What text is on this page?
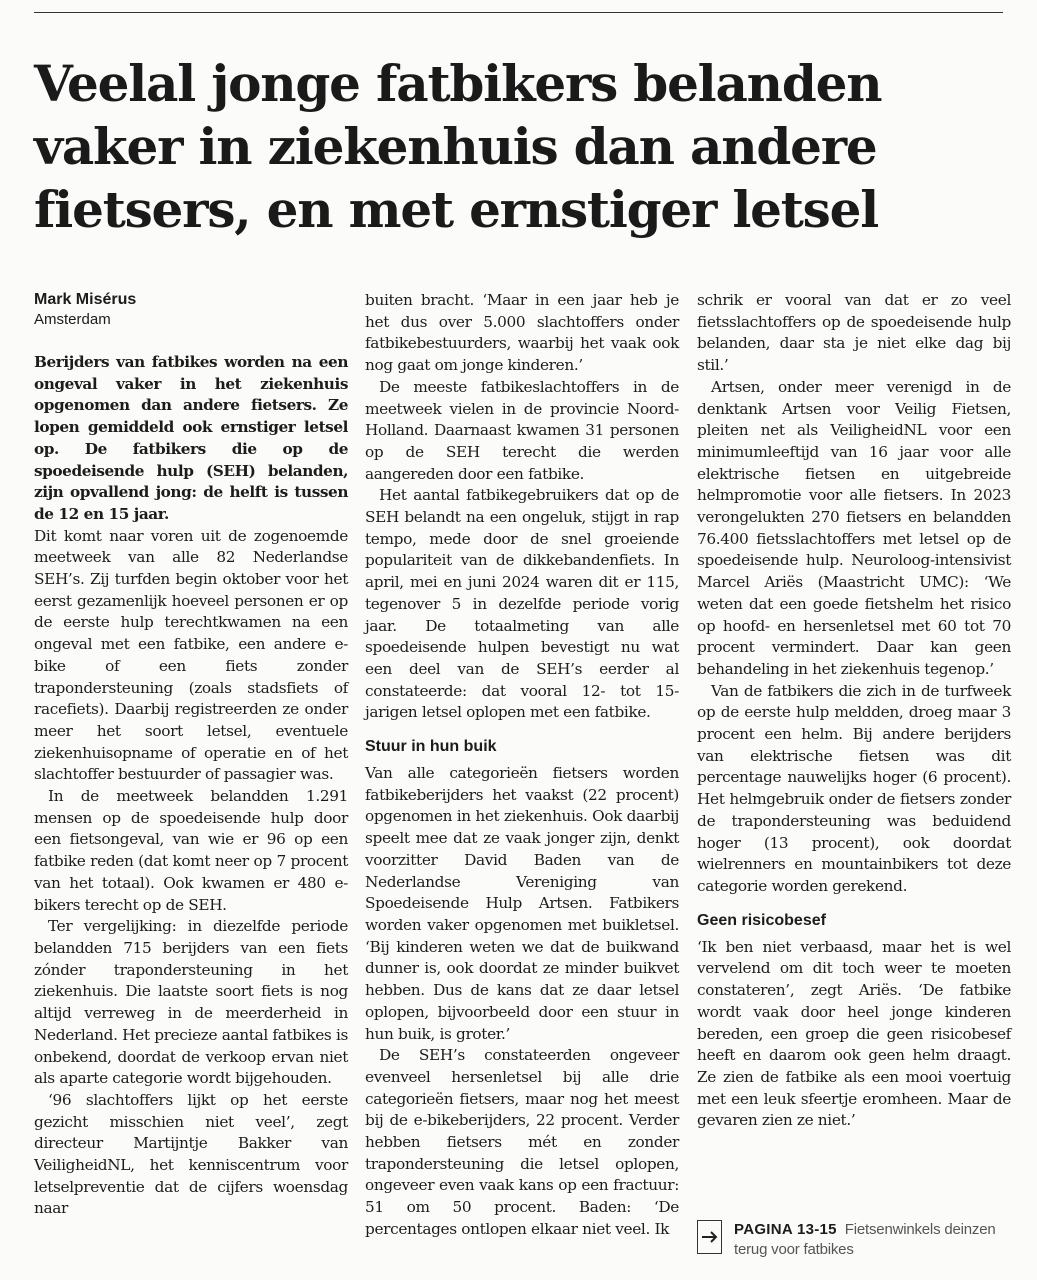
Veelal jonge fatbikers belanden vaker in ziekenhuis dan andere fietsers, en met ernstiger letsel
Mark Misérus
Amsterdam

Berijders van fatbikes worden na een ongeval vaker in het ziekenhuis opgenomen dan andere fietsers. Ze lopen gemiddeld ook ernstiger letsel op. De fatbikers die op de spoedeisende hulp (SEH) belanden, zijn opvallend jong: de helft is tussen de 12 en 15 jaar.

Dit komt naar voren uit de zogenoemde meetweek van alle 82 Nederlandse SEH’s. Zij turfden begin oktober voor het eerst gezamenlijk hoeveel personen er op de eerste hulp terechtkwamen na een ongeval met een fatbike, een andere e-bike of een fiets zonder trapondersteuning (zoals stadsfiets of racefiets). Daarbij registreerden ze onder meer het soort letsel, eventuele ziekenhuisopname of operatie en of het slachtoffer bestuurder of passagier was.

In de meetweek belandden 1.291 mensen op de spoedeisende hulp door een fietsongeval, van wie er 96 op een fatbike reden (dat komt neer op 7 procent van het totaal). Ook kwamen er 480 e-bikers terecht op de SEH.

Ter vergelijking: in diezelfde periode belandden 715 berijders van een fiets zónder trapondersteuning in het ziekenhuis. Die laatste soort fiets is nog altijd verreweg in de meerderheid in Nederland. Het precieze aantal fatbikes is onbekend, doordat de verkoop ervan niet als aparte categorie wordt bijgehouden.

‘96 slachtoffers lijkt op het eerste gezicht misschien niet veel’, zegt directeur Martijntje Bakker van VeiligheidNL, het kenniscentrum voor letselpreventie dat de cijfers woensdag naar

buiten bracht. ‘Maar in een jaar heb je het dus over 5.000 slachtoffers onder fatbikebestuurders, waarbij het vaak ook nog gaat om jonge kinderen.’

De meeste fatbikeslachtoffers in de meetweek vielen in de provincie Noord-Holland. Daarnaast kwamen 31 personen op de SEH terecht die werden aangereden door een fatbike.

Het aantal fatbikegebruikers dat op de SEH belandt na een ongeluk, stijgt in rap tempo, mede door de snel groeiende populariteit van de dikkebandenfiets. In april, mei en juni 2024 waren dit er 115, tegenover 5 in dezelfde periode vorig jaar. De totaalmeting van alle spoedeisende hulpen bevestigt nu wat een deel van de SEH’s eerder al constateerde: dat vooral 12- tot 15-jarigen letsel oplopen met een fatbike.

Stuur in hun buik

Van alle categorieën fietsers worden fatbikeberijders het vaakst (22 procent) opgenomen in het ziekenhuis. Ook daarbij speelt mee dat ze vaak jonger zijn, denkt voorzitter David Baden van de Nederlandse Vereniging van Spoedeisende Hulp Artsen. Fatbikers worden vaker opgenomen met buikletsel. ‘Bij kinderen weten we dat de buikwand dunner is, ook doordat ze minder buikvet hebben. Dus de kans dat ze daar letsel oplopen, bijvoorbeeld door een stuur in hun buik, is groter.’

De SEH’s constateerden ongeveer evenveel hersenletsel bij alle drie categorieën fietsers, maar nog het meest bij de e-bikeberijders, 22 procent. Verder hebben fietsers mét en zonder trapondersteuning die letsel oplopen, ongeveer even vaak kans op een fractuur: 51 om 50 procent. Baden: ‘De percentages ontlopen elkaar niet veel. Ik

schrik er vooral van dat er zo veel fietsslachtoffers op de spoedeisende hulp belanden, daar sta je niet elke dag bij stil.’

Artsen, onder meer verenigd in de denktank Artsen voor Veilig Fietsen, pleiten net als VeiligheidNL voor een minimumleeftijd van 16 jaar voor alle elektrische fietsen en uitgebreide helmpromotie voor alle fietsers. In 2023 verongelukten 270 fietsers en belandden 76.400 fietsslachtoffers met letsel op de spoedeisende hulp. Neuroloog-intensivist Marcel Ariës (Maastricht UMC): ‘We weten dat een goede fietshelm het risico op hoofd- en hersenletsel met 60 tot 70 procent vermindert. Daar kan geen behandeling in het ziekenhuis tegenop.’

Van de fatbikers die zich in de turfweek op de eerste hulp meldden, droeg maar 3 procent een helm. Bij andere berijders van elektrische fietsen was dit percentage nauwelijks hoger (6 procent). Het helmgebruik onder de fietsers zonder de trapondersteuning was beduidend hoger (13 procent), ook doordat wielrenners en mountainbikers tot deze categorie worden gerekend.

Geen risicobesef

‘Ik ben niet verbaasd, maar het is wel vervelend om dit toch weer te moeten constateren’, zegt Ariës. ‘De fatbike wordt vaak door heel jonge kinderen bereden, een groep die geen risicobesef heeft en daarom ook geen helm draagt. Ze zien de fatbike als een mooi voertuig met een leuk sfeertje eromheen. Maar de gevaren zien ze niet.’

PAGINA 13-15 Fietsenwinkels deinzen terug voor fatbikes
